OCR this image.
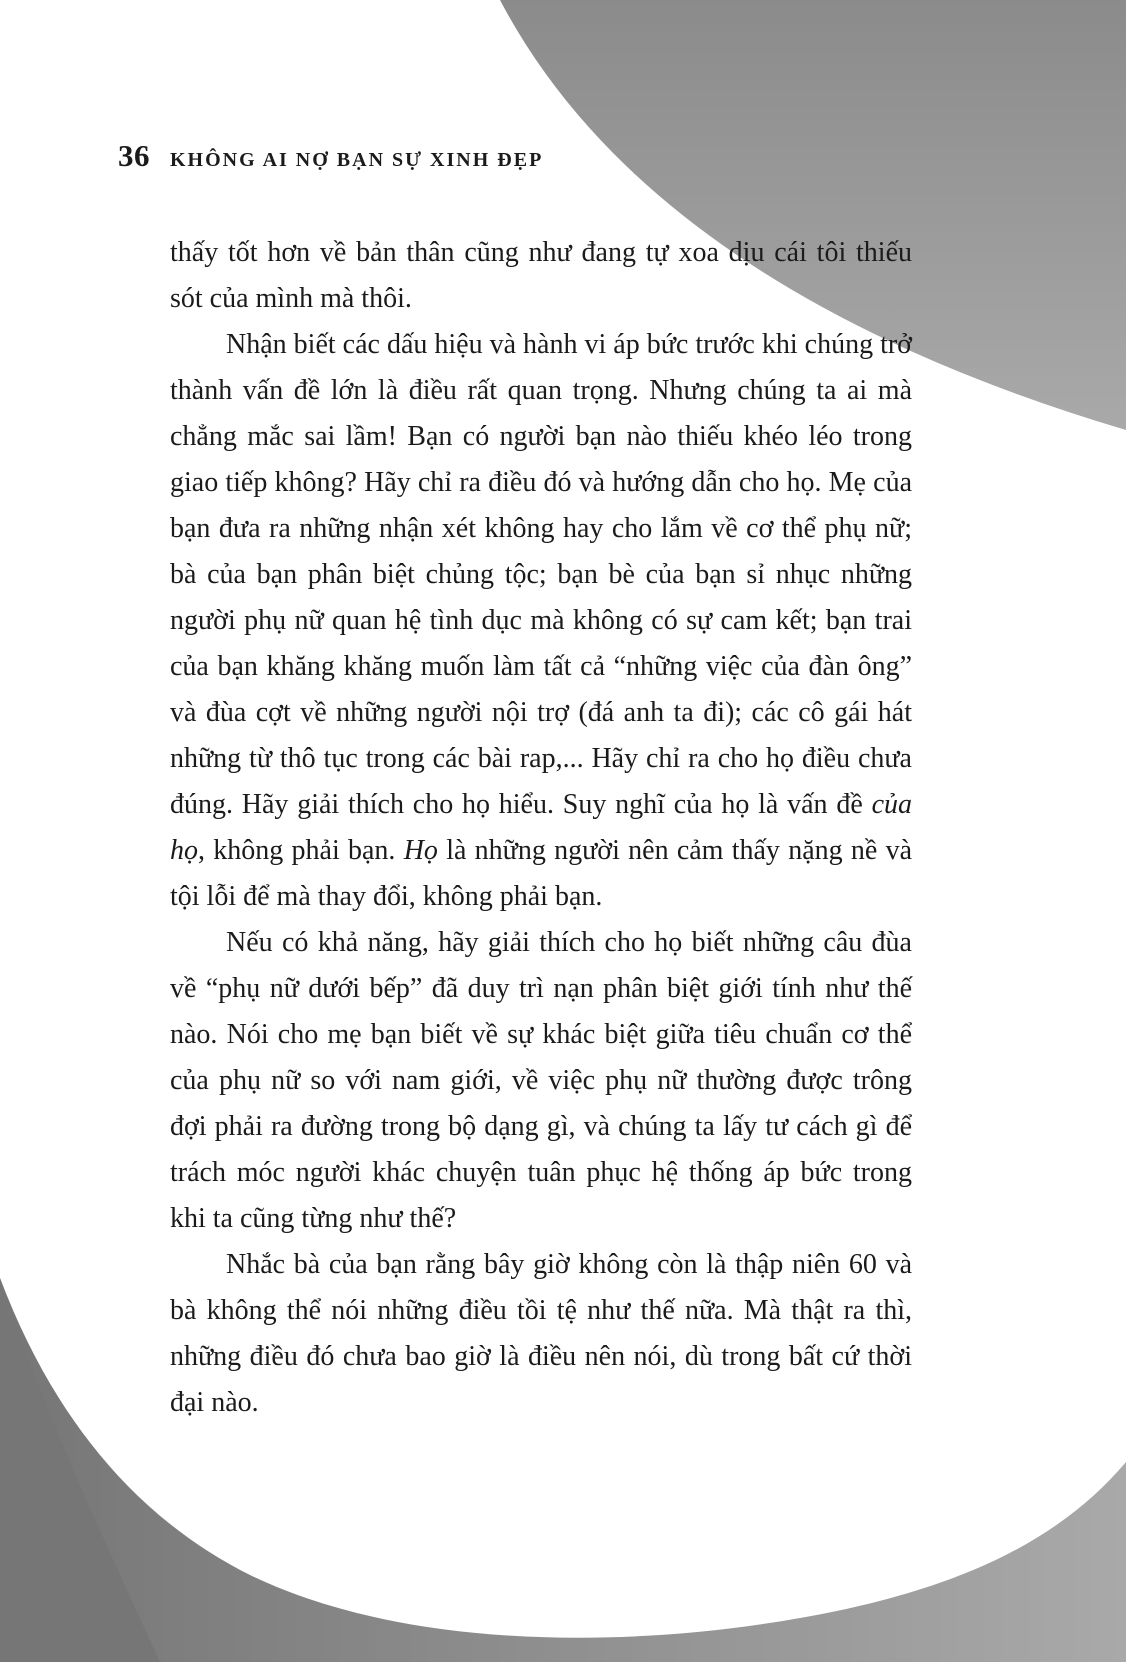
36 KHÔNG AI NỢ BẠN SỰ XINH ĐẸP

thấy tốt hơn về bản thân cũng như đang tự xoa dịu cái tôi thiếu sót của mình mà thôi.

Nhận biết các dấu hiệu và hành vi áp bức trước khi chúng trở thành vấn đề lớn là điều rất quan trọng. Nhưng chúng ta ai mà chẳng mắc sai lầm! Bạn có người bạn nào thiếu khéo léo trong giao tiếp không? Hãy chỉ ra điều đó và hướng dẫn cho họ. Mẹ của bạn đưa ra những nhận xét không hay cho lắm về cơ thể phụ nữ; bà của bạn phân biệt chủng tộc; bạn bè của bạn sỉ nhục những người phụ nữ quan hệ tình dục mà không có sự cam kết; bạn trai của bạn khăng khăng muốn làm tất cả “những việc của đàn ông” và đùa cợt về những người nội trợ (đá anh ta đi); các cô gái hát những từ thô tục trong các bài rap,... Hãy chỉ ra cho họ điều chưa đúng. Hãy giải thích cho họ hiểu. Suy nghĩ của họ là vấn đề của họ, không phải bạn. Họ là những người nên cảm thấy nặng nề và tội lỗi để mà thay đổi, không phải bạn.

Nếu có khả năng, hãy giải thích cho họ biết những câu đùa về “phụ nữ dưới bếp” đã duy trì nạn phân biệt giới tính như thế nào. Nói cho mẹ bạn biết về sự khác biệt giữa tiêu chuẩn cơ thể của phụ nữ so với nam giới, về việc phụ nữ thường được trông đợi phải ra đường trong bộ dạng gì, và chúng ta lấy tư cách gì để trách móc người khác chuyện tuân phục hệ thống áp bức trong khi ta cũng từng như thế?

Nhắc bà của bạn rằng bây giờ không còn là thập niên 60 và bà không thể nói những điều tồi tệ như thế nữa. Mà thật ra thì, những điều đó chưa bao giờ là điều nên nói, dù trong bất cứ thời đại nào.
